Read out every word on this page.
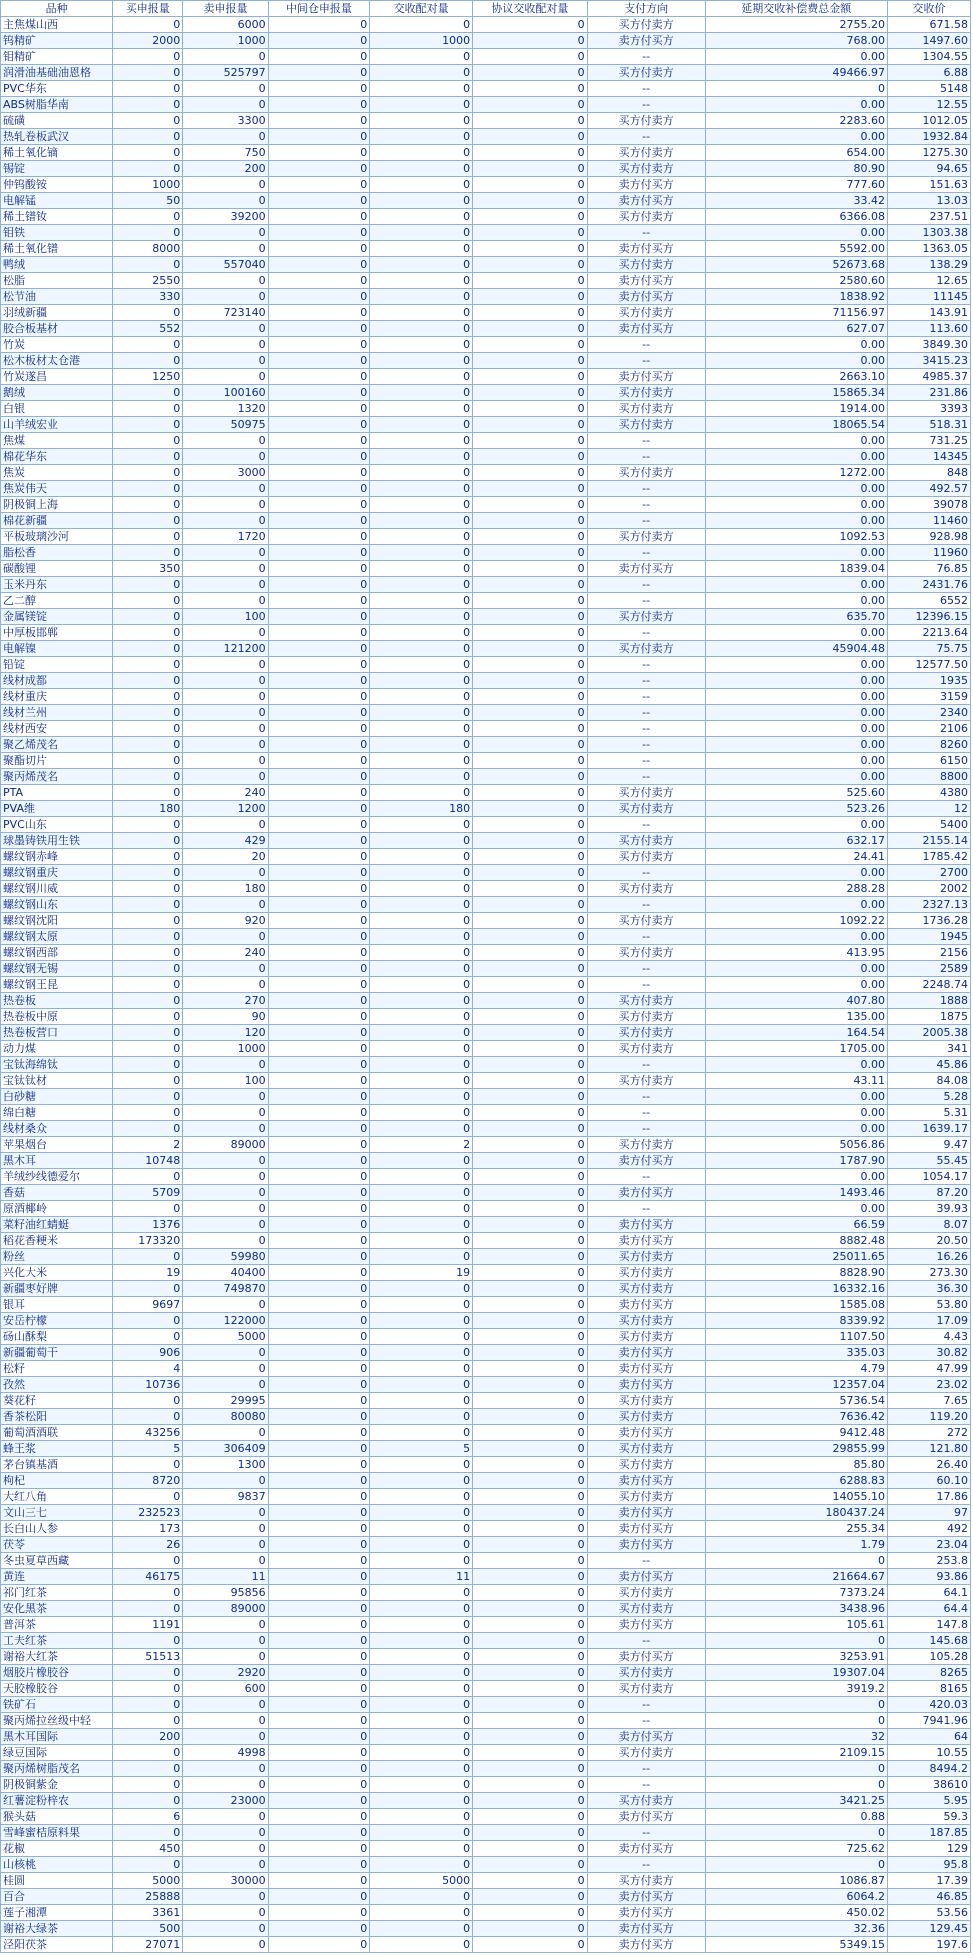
品种	买申报量	卖申报量	中间仓申报量	交收配对量	协议交收配对量	支付方向	延期交收补偿费总金额	交收价
主焦煤山西	0	6000	0	0	0	买方付卖方	2755.20	671.58
钨精矿	2000	1000	0	1000	0	卖方付买方	768.00	1497.60
钼精矿	0	0	0	0	0	--	0.00	1304.55
润滑油基础油恩格	0	525797	0	0	0	买方付卖方	49466.97	6.88
PVC华东	0	0	0	0	0	--	0	5148
ABS树脂华南	0	0	0	0	0	--	0.00	12.55
硫磺	0	3300	0	0	0	买方付卖方	2283.60	1012.05
热轧卷板武汉	0	0	0	0	0	--	0.00	1932.84
稀土氧化镝	0	750	0	0	0	买方付卖方	654.00	1275.30
锡锭	0	200	0	0	0	买方付卖方	80.90	94.65
仲钨酸铵	1000	0	0	0	0	卖方付买方	777.60	151.63
电解锰	50	0	0	0	0	卖方付买方	33.42	13.03
稀土镨钕	0	39200	0	0	0	买方付卖方	6366.08	237.51
钼铁	0	0	0	0	0	--	0.00	1303.38
稀土氧化镨	8000	0	0	0	0	卖方付买方	5592.00	1363.05
鸭绒	0	557040	0	0	0	买方付卖方	52673.68	138.29
松脂	2550	0	0	0	0	卖方付买方	2580.60	12.65
松节油	330	0	0	0	0	卖方付买方	1838.92	11145
羽绒新疆	0	723140	0	0	0	买方付卖方	71156.97	143.91
胶合板基材	552	0	0	0	0	卖方付买方	627.07	113.60
竹炭	0	0	0	0	0	--	0.00	3849.30
松木板材太仓港	0	0	0	0	0	--	0.00	3415.23
竹炭遂昌	1250	0	0	0	0	卖方付买方	2663.10	4985.37
鹅绒	0	100160	0	0	0	买方付卖方	15865.34	231.86
白银	0	1320	0	0	0	买方付卖方	1914.00	3393
山羊绒宏业	0	50975	0	0	0	买方付卖方	18065.54	518.31
焦煤	0	0	0	0	0	--	0.00	731.25
棉花华东	0	0	0	0	0	--	0.00	14345
焦炭	0	3000	0	0	0	买方付卖方	1272.00	848
焦炭伟天	0	0	0	0	0	--	0.00	492.57
阴极铜上海	0	0	0	0	0	--	0.00	39078
棉花新疆	0	0	0	0	0	--	0.00	11460
平板玻璃沙河	0	1720	0	0	0	买方付卖方	1092.53	928.98
脂松香	0	0	0	0	0	--	0.00	11960
碳酸锂	350	0	0	0	0	卖方付买方	1839.04	76.85
玉米丹东	0	0	0	0	0	--	0.00	2431.76
乙二醇	0	0	0	0	0	--	0.00	6552
金属镁锭	0	100	0	0	0	买方付卖方	635.70	12396.15
中厚板邯郸	0	0	0	0	0	--	0.00	2213.64
电解镍	0	121200	0	0	0	买方付卖方	45904.48	75.75
铅锭	0	0	0	0	0	--	0.00	12577.50
线材成都	0	0	0	0	0	--	0.00	1935
线材重庆	0	0	0	0	0	--	0.00	3159
线材兰州	0	0	0	0	0	--	0.00	2340
线材西安	0	0	0	0	0	--	0.00	2106
聚乙烯茂名	0	0	0	0	0	--	0.00	8260
聚酯切片	0	0	0	0	0	--	0.00	6150
聚丙烯茂名	0	0	0	0	0	--	0.00	8800
PTA	0	240	0	0	0	买方付卖方	525.60	4380
PVA维	180	1200	0	180	0	买方付卖方	523.26	12
PVC山东	0	0	0	0	0	--	0.00	5400
球墨铸铁用生铁	0	429	0	0	0	买方付卖方	632.17	2155.14
螺纹钢赤峰	0	20	0	0	0	买方付卖方	24.41	1785.42
螺纹钢重庆	0	0	0	0	0	--	0.00	2700
螺纹钢川威	0	180	0	0	0	买方付卖方	288.28	2002
螺纹钢山东	0	0	0	0	0	--	0.00	2327.13
螺纹钢沈阳	0	920	0	0	0	买方付卖方	1092.22	1736.28
螺纹钢太原	0	0	0	0	0	--	0.00	1945
螺纹钢西部	0	240	0	0	0	买方付卖方	413.95	2156
螺纹钢无锡	0	0	0	0	0	--	0.00	2589
螺纹钢王昆	0	0	0	0	0	--	0.00	2248.74
热卷板	0	270	0	0	0	买方付卖方	407.80	1888
热卷板中原	0	90	0	0	0	买方付卖方	135.00	1875
热卷板营口	0	120	0	0	0	买方付卖方	164.54	2005.38
动力煤	0	1000	0	0	0	买方付卖方	1705.00	341
宝钛海绵钛	0	0	0	0	0	--	0.00	45.86
宝钛钛材	0	100	0	0	0	买方付卖方	43.11	84.08
白砂糖	0	0	0	0	0	--	0.00	5.28
绵白糖	0	0	0	0	0	--	0.00	5.31
线材桑众	0	0	0	0	0	--	0.00	1639.17
苹果烟台	2	89000	0	2	0	买方付卖方	5056.86	9.47
黑木耳	10748	0	0	0	0	卖方付买方	1787.90	55.45
羊绒纱线德爱尔	0	0	0	0	0	--	0.00	1054.17
香菇	5709	0	0	0	0	卖方付买方	1493.46	87.20
原酒椰岭	0	0	0	0	0	--	0.00	39.93
菜籽油红蜻蜓	1376	0	0	0	0	卖方付买方	66.59	8.07
稻花香粳米	173320	0	0	0	0	卖方付买方	8882.48	20.50
粉丝	0	59980	0	0	0	买方付卖方	25011.65	16.26
兴化大米	19	40400	0	19	0	买方付卖方	8828.90	273.30
新疆枣好牌	0	749870	0	0	0	买方付卖方	16332.16	36.30
银耳	9697	0	0	0	0	卖方付买方	1585.08	53.80
安岳柠檬	0	122000	0	0	0	买方付卖方	8339.92	17.09
砀山酥梨	0	5000	0	0	0	买方付卖方	1107.50	4.43
新疆葡萄干	906	0	0	0	0	卖方付买方	335.03	30.82
松籽	4	0	0	0	0	卖方付买方	4.79	47.99
孜然	10736	0	0	0	0	卖方付买方	12357.04	23.02
葵花籽	0	29995	0	0	0	买方付卖方	5736.54	7.65
香茶松阳	0	80080	0	0	0	买方付卖方	7636.42	119.20
葡萄酒酒联	43256	0	0	0	0	卖方付买方	9412.48	272
蜂王浆	5	306409	0	5	0	买方付卖方	29855.99	121.80
茅台镇基酒	0	1300	0	0	0	买方付卖方	85.80	26.40
枸杞	8720	0	0	0	0	卖方付买方	6288.83	60.10
大红八角	0	9837	0	0	0	买方付卖方	14055.10	17.86
文山三七	232523	0	0	0	0	卖方付买方	180437.24	97
长白山人参	173	0	0	0	0	卖方付买方	255.34	492
茯苓	26	0	0	0	0	卖方付买方	1.79	23.04
冬虫夏草西藏	0	0	0	0	0	--	0	253.8
黄连	46175	11	0	11	0	卖方付买方	21664.67	93.86
祁门红茶	0	95856	0	0	0	买方付卖方	7373.24	64.1
安化黑茶	0	89000	0	0	0	买方付卖方	3438.96	64.4
普洱茶	1191	0	0	0	0	卖方付买方	105.61	147.8
工夫红茶	0	0	0	0	0	--	0	145.68
谢裕大红茶	51513	0	0	0	0	卖方付买方	3253.91	105.28
烟胶片橡胶谷	0	2920	0	0	0	买方付卖方	19307.04	8265
天胶橡胶谷	0	600	0	0	0	买方付卖方	3919.2	8165
铁矿石	0	0	0	0	0	--	0	420.03
聚丙烯拉丝级中轻	0	0	0	0	0	--	0	7941.96
黑木耳国际	200	0	0	0	0	卖方付买方	32	64
绿豆国际	0	4998	0	0	0	买方付卖方	2109.15	10.55
聚丙烯树脂茂名	0	0	0	0	0	--	0	8494.2
阴极铜紫金	0	0	0	0	0	--	0	38610
红薯淀粉梓农	0	23000	0	0	0	买方付卖方	3421.25	5.95
猴头菇	6	0	0	0	0	卖方付买方	0.88	59.3
雪峰蜜桔原料果	0	0	0	0	0	--	0	187.85
花椒	450	0	0	0	0	卖方付买方	725.62	129
山核桃	0	0	0	0	0	--	0	95.8
桂圆	5000	30000	0	5000	0	买方付卖方	1086.87	17.39
百合	25888	0	0	0	0	卖方付买方	6064.2	46.85
莲子湘潭	3361	0	0	0	0	卖方付买方	450.02	53.56
谢裕大绿茶	500	0	0	0	0	卖方付买方	32.36	129.45
泾阳茯茶	27071	0	0	0	0	卖方付买方	5349.15	197.6
